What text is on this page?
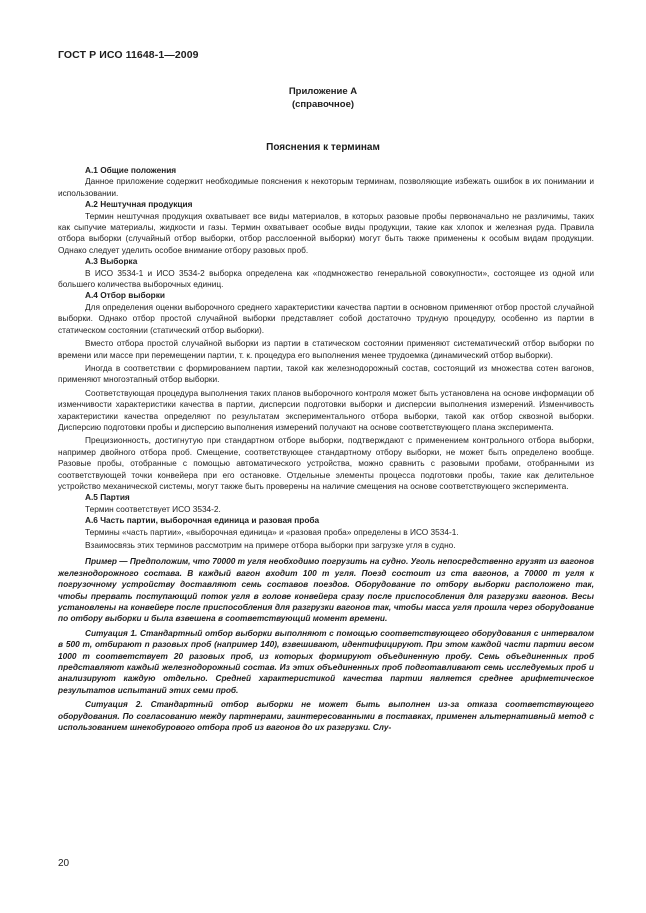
ГОСТ Р ИСО 11648-1—2009
Приложение А
(справочное)
Пояснения к терминам
А.1 Общие положения

Данное приложение содержит необходимые пояснения к некоторым терминам, позволяющие избежать ошибок в их понимании и использовании.

А.2 Нештучная продукция

Термин нештучная продукция охватывает все виды материалов, в которых разовые пробы первоначально не различимы, таких как сыпучие материалы, жидкости и газы. Термин охватывает особые виды продукции, такие как хлопок и железная руда. Правила отбора выборки (случайный отбор выборки, отбор расслоенной выборки) могут быть также применены к особым видам продукции. Однако следует уделить особое внимание отбору разовых проб.

А.3 Выборка

В ИСО 3534-1 и ИСО 3534-2 выборка определена как «подмножество генеральной совокупности», состоящее из одной или большего количества выборочных единиц.

А.4 Отбор выборки

Для определения оценки выборочного среднего характеристики качества партии в основном применяют отбор простой случайной выборки. Однако отбор простой случайной выборки представляет собой достаточно трудную процедуру, особенно из партии в статическом состоянии (статический отбор выборки).

Вместо отбора простой случайной выборки из партии в статическом состоянии применяют систематический отбор выборки по времени или массе при перемещении партии, т. к. процедура его выполнения менее трудоемка (динамический отбор выборки).

Иногда в соответствии с формированием партии, такой как железнодорожный состав, состоящий из множества сотен вагонов, применяют многоэтапный отбор выборки.

Соответствующая процедура выполнения таких планов выборочного контроля может быть установлена на основе информации об изменчивости характеристики качества в партии, дисперсии подготовки выборки и дисперсии выполнения измерений. Изменчивость характеристики качества определяют по результатам экспериментального отбора выборки, такой как отбор сквозной выборки. Дисперсию подготовки пробы и дисперсию выполнения измерений получают на основе соответствующего плана эксперимента.

Прецизионность, достигнутую при стандартном отборе выборки, подтверждают с применением контрольного отбора выборки, например двойного отбора проб. Смещение, соответствующее стандартному отбору выборки, не может быть определено вообще. Разовые пробы, отобранные с помощью автоматического устройства, можно сравнить с разовыми пробами, отобранными из соответствующей точки конвейера при его остановке. Отдельные элементы процесса подготовки пробы, такие как делительное устройство механической системы, могут также быть проверены на наличие смещения на основе соответствующего эксперимента.

А.5 Партия

Термин соответствует ИСО 3534-2.

А.6 Часть партии, выборочная единица и разовая проба

Термины «часть партии», «выборочная единица» и «разовая проба» определены в ИСО 3534-1.

Взаимосвязь этих терминов рассмотрим на примере отбора выборки при загрузке угля в судно.

Пример — Предположим, что 70000 т угля необходимо погрузить на судно. Уголь непосредственно грузят из вагонов железнодорожного состава. В каждый вагон входит 100 т угля. Поезд состоит из ста вагонов, а 70000 т угля к погрузочному устройству доставляют семь составов поездов. Оборудование по отбору выборки расположено так, чтобы прервать поступающий поток угля в голове конвейера сразу после приспособления для разгрузки вагонов. Весы установлены на конвейере после приспособления для разгрузки вагонов так, чтобы масса угля прошла через оборудование по отбору выборки и была взвешена в соответствующий момент времени.

Ситуация 1. Стандартный отбор выборки выполняют с помощью соответствующего оборудования с интервалом в 500 т, отбирают n разовых проб (например 140), взвешивают, идентифицируют. При этом каждой части партии весом 1000 т соответствует 20 разовых проб, из которых формируют объединенную пробу. Семь объединенных проб представляют каждый железнодорожный состав. Из этих объединенных проб подготавливают семь исследуемых проб и анализируют каждую отдельно. Средней характеристикой качества партии является среднее арифметическое результатов испытаний этих семи проб.

Ситуация 2. Стандартный отбор выборки не может быть выполнен из-за отказа соответствующего оборудования. По согласованию между партнерами, заинтересованными в поставках, применен альтернативный метод с использованием шнекобурового отбора проб из вагонов до их разгрузки. Слу-

20
